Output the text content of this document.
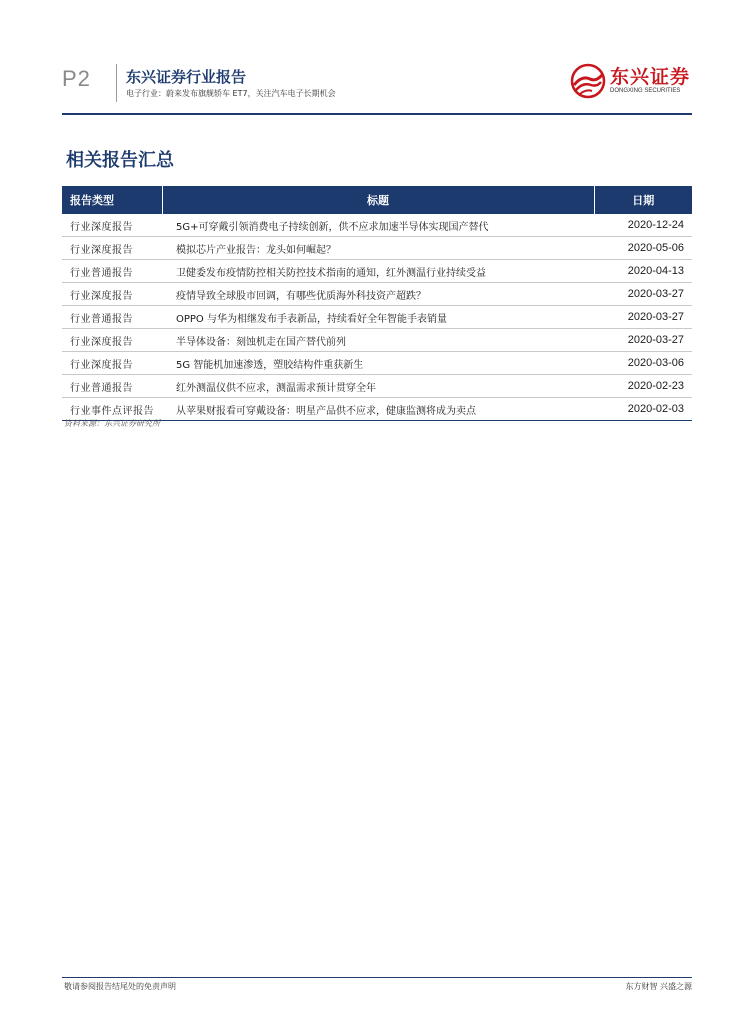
P2 东兴证券行业报告
电子行业：蔚来发布旗舰轿车 ET7，关注汽车电子长期机会
东兴证券
DONGXING SECURITIES
相关报告汇总
报告类型	标题	日期
行业深度报告	5G+可穿戴引领消费电子持续创新，供不应求加速半导体实现国产替代	2020-12-24
行业深度报告	模拟芯片产业报告：龙头如何崛起？	2020-05-06
行业普通报告	卫健委发布疫情防控相关防控技术指南的通知，红外测温行业持续受益	2020-04-13
行业深度报告	疫情导致全球股市回调，有哪些优质海外科技资产超跌？	2020-03-27
行业普通报告	OPPO 与华为相继发布手表新品，持续看好全年智能手表销量	2020-03-27
行业深度报告	半导体设备：刻蚀机走在国产替代前列	2020-03-27
行业深度报告	5G 智能机加速渗透，塑胶结构件重获新生	2020-03-06
行业普通报告	红外测温仪供不应求，测温需求预计贯穿全年	2020-02-23
行业事件点评报告	从苹果财报看可穿戴设备：明星产品供不应求，健康监测将成为卖点	2020-02-03
资料来源：东兴证券研究所
敬请参阅报告结尾处的免责声明	东方财智 兴盛之源
